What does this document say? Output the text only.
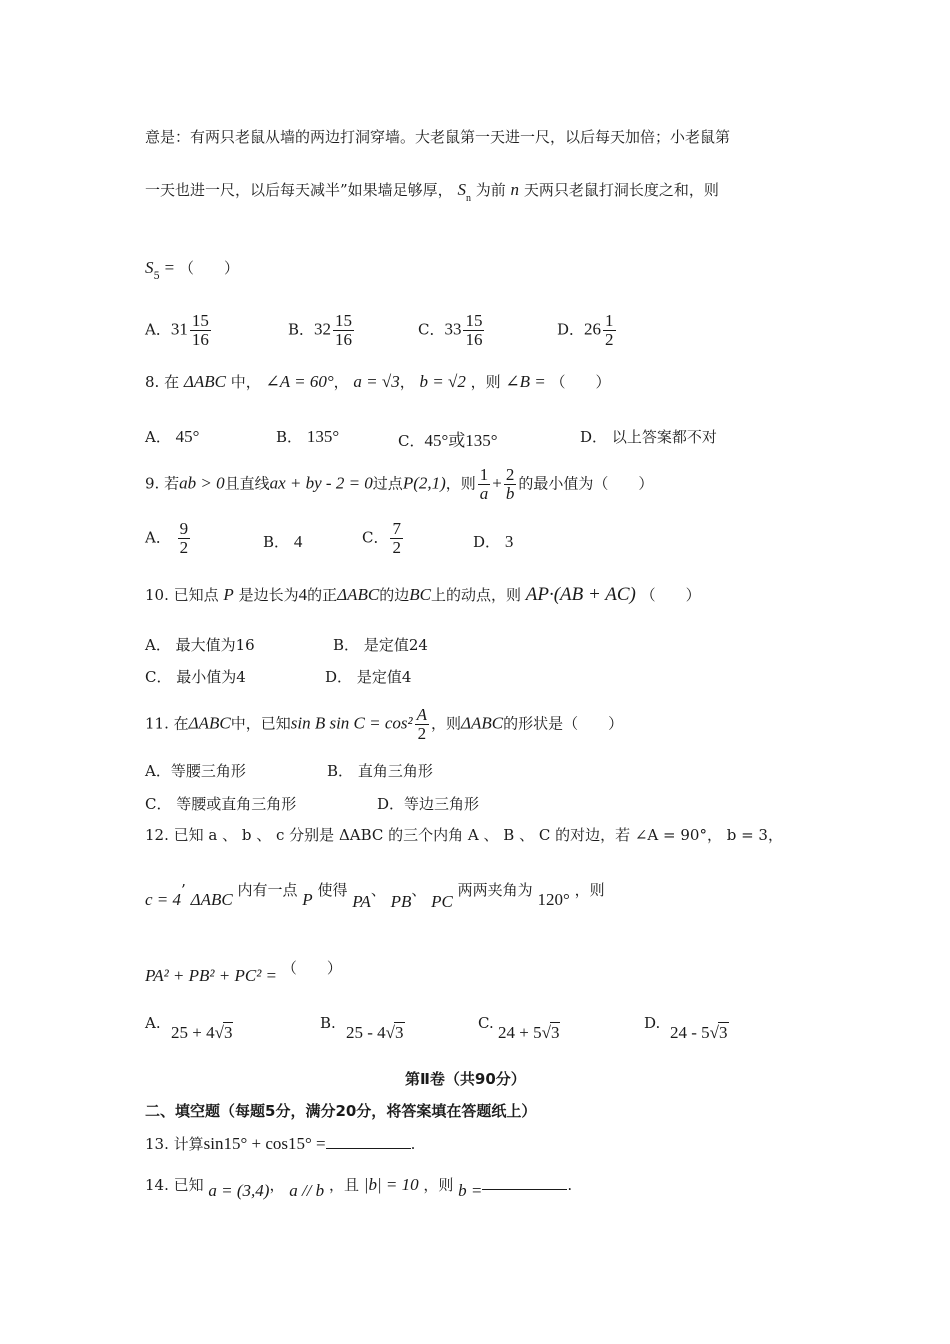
意是：有两只老鼠从墙的两边打洞穿墙。大老鼠第一天进一尺，以后每天加倍；小老鼠第
一天也进一尺，以后每天减半”如果墙足够厚， $S_n$ 为前 n 天两只老鼠打洞长度之和，则
$S_5$ = （　　）
A．$31 \frac{15}{16}$	B．$32 \frac{15}{16}$	C．$33 \frac{15}{16}$	D．$26 \frac{1}{2}$
8. 在 ΔABC 中， ∠A = 60°， a = √3， b = √2 ，则 ∠B = （　　）
A． 45°	B． 135°	C．45°或135°	D． 以上答案都不对
9. 若ab > 0且直线ax + by - 2 = 0过点P(2,1)，则 $\frac{1}{a} + \frac{2}{b}$ 的最小值为（　　）
A． $\frac{9}{2}$	B． 4	C． $\frac{7}{2}$	D． 3
10. 已知点 P 是边长为4的正ΔABC的边BC上的动点，则 AP·(AB + AC) （　　）
A． 最大值为16	B． 是定值24
C． 最小值为4	D． 是定值4
11. 在ΔABC中，已知sin B $\sin C = \cos^2 \frac{A}{2}$ ，则ΔABC的形状是（　　）
A．等腰三角形	B． 直角三角形
C． 等腰或直角三角形	D．等边三角形
12. 已知 a 、 b 、 c 分别是 ΔABC 的三个内角 A 、 B 、 C 的对边，若 ∠A = 90°， b = 3，
c = 4’ ΔABC 内有一点 P 使得 PA、 PB、 PC 两两夹角为 120° ，则
PA² + PB² + PC² = （　　）
A. 25 + 4√3	B. 25 - 4√3	C. 24 + 5√3	D. 24 - 5√3
第Ⅱ卷（共90分）
二、填空题（每题5分，满分20分，将答案填在答题纸上）
13. 计算sin15° + cos15° =	.
14. 已知 a = (3,4)， a // b ，且 |b| = 10 ，则 b =	.
